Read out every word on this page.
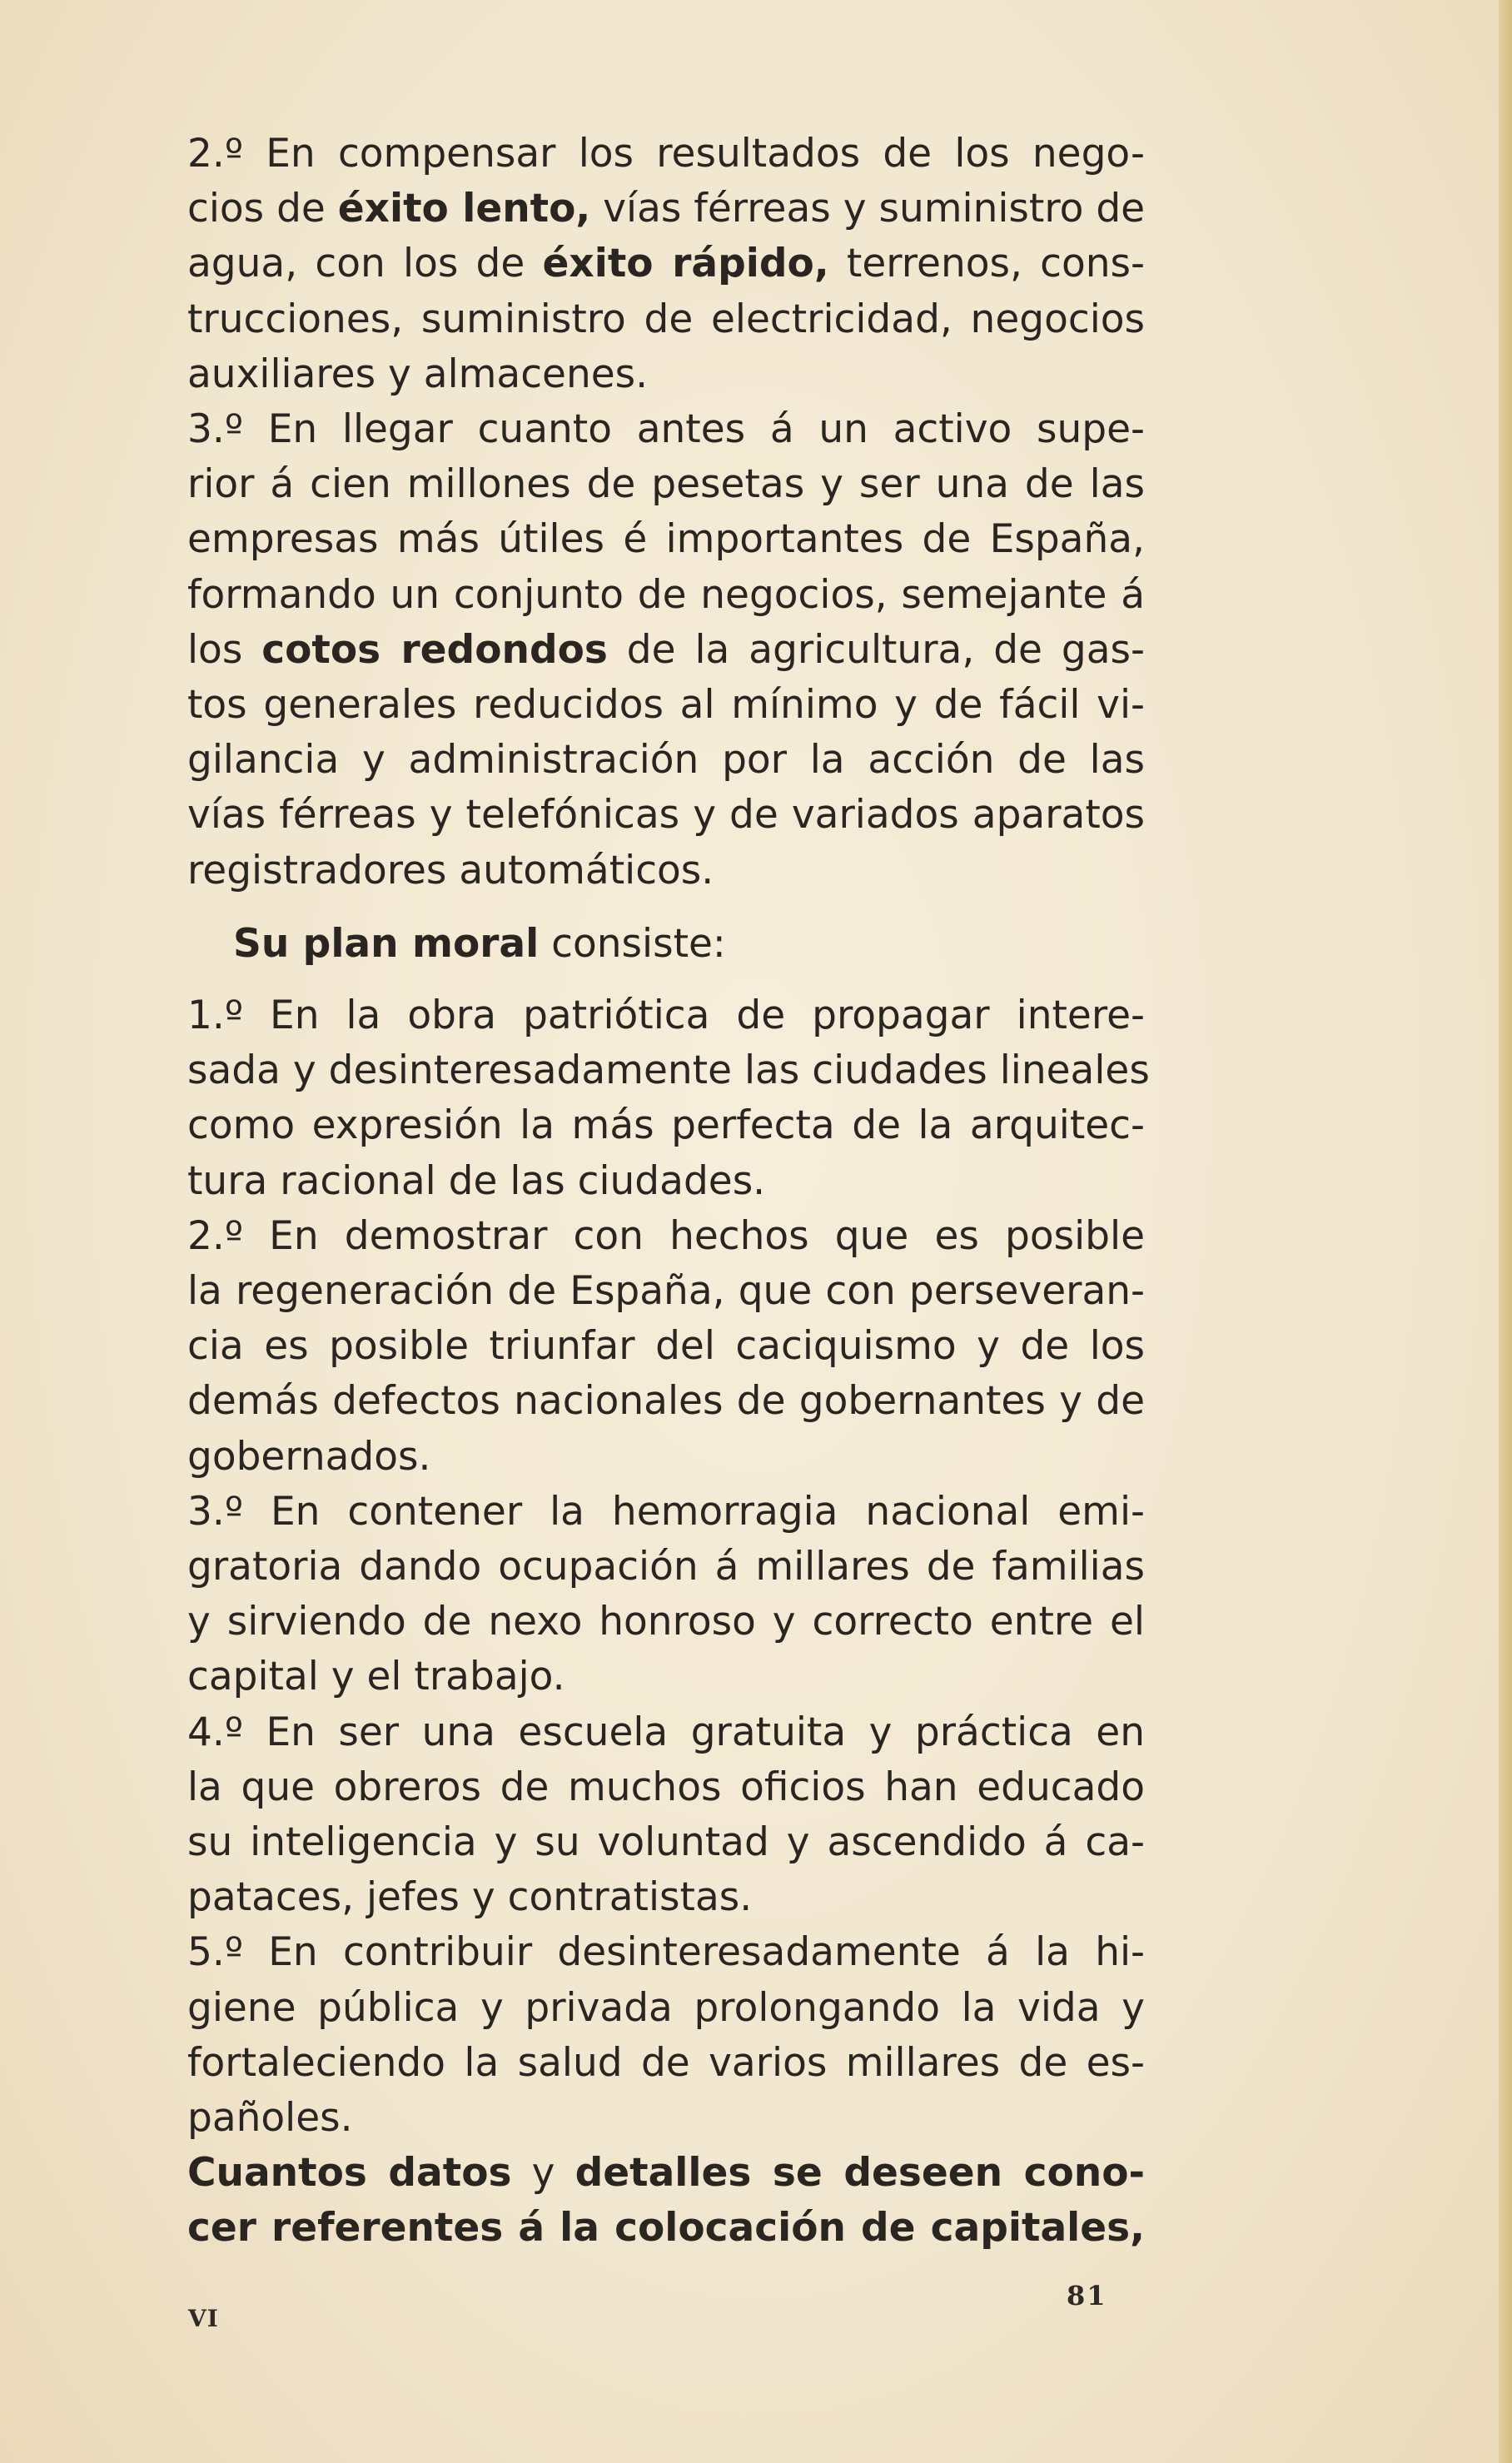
2.º En compensar los resultados de los nego-
cios de éxito lento, vías férreas y suministro de
agua, con los de éxito rápido, terrenos, cons-
trucciones, suministro de electricidad, negocios
auxiliares y almacenes.
3.º En llegar cuanto antes á un activo supe-
rior á cien millones de pesetas y ser una de las
empresas más útiles é importantes de España,
formando un conjunto de negocios, semejante á
los cotos redondos de la agricultura, de gas-
tos generales reducidos al mínimo y de fácil vi-
gilancia y administración por la acción de las
vías férreas y telefónicas y de variados aparatos
registradores automáticos.
Su plan moral consiste:
1.º En la obra patriótica de propagar intere-
sada y desinteresadamente las ciudades lineales
como expresión la más perfecta de la arquitec-
tura racional de las ciudades.
2.º En demostrar con hechos que es posible
la regeneración de España, que con perseveran-
cia es posible triunfar del caciquismo y de los
demás defectos nacionales de gobernantes y de
gobernados.
3.º En contener la hemorragia nacional emi-
gratoria dando ocupación á millares de familias
y sirviendo de nexo honroso y correcto entre el
capital y el trabajo.
4.º En ser una escuela gratuita y práctica en
la que obreros de muchos oficios han educado
su inteligencia y su voluntad y ascendido á ca-
pataces, jefes y contratistas.
5.º En contribuir desinteresadamente á la hi-
giene pública y privada prolongando la vida y
fortaleciendo la salud de varios millares de es-
pañoles.
Cuantos datos y detalles se deseen cono-
cer referentes á la colocación de capitales,
VI
81
